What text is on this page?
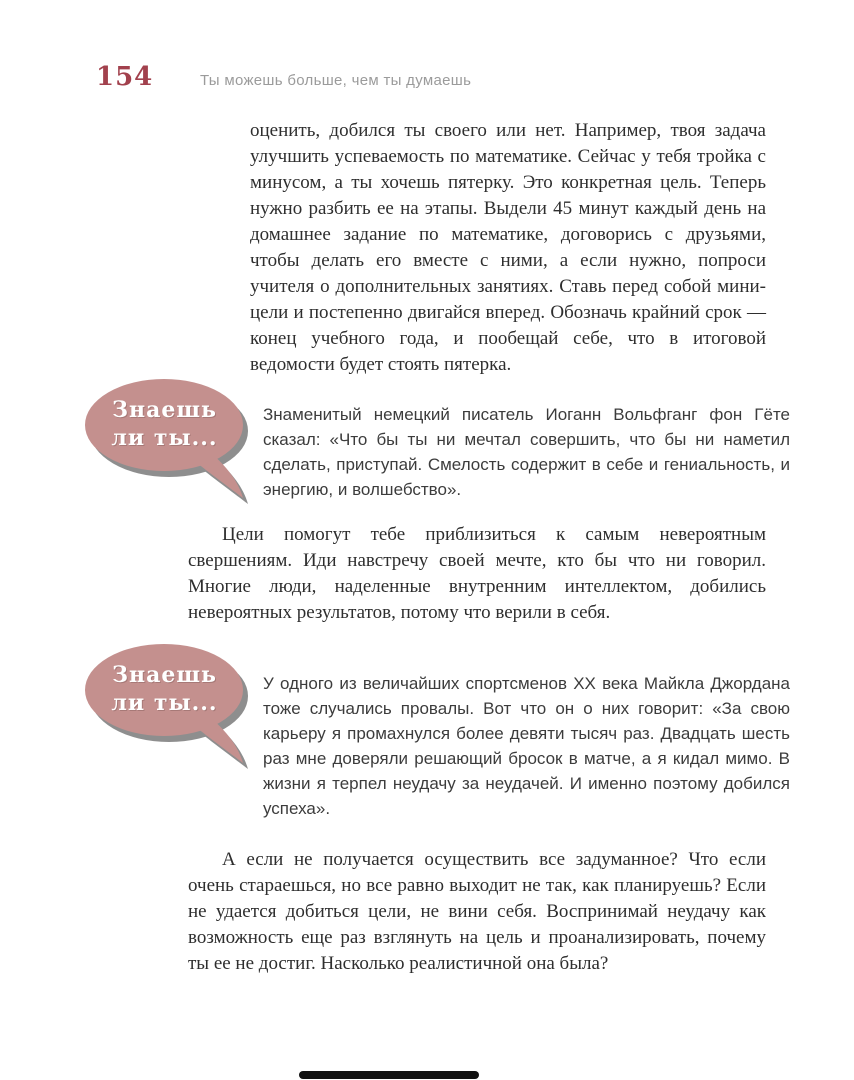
154	Ты можешь больше, чем ты думаешь
оценить, добился ты своего или нет. Например, твоя задача улучшить успеваемость по математике. Сейчас у тебя тройка с минусом, а ты хочешь пятерку. Это конкретная цель. Теперь нужно разбить ее на этапы. Выдели 45 минут каждый день на домашнее задание по математике, договорись с друзьями, чтобы делать его вместе с ними, а если нужно, попроси учителя о дополнительных занятиях. Ставь перед собой мини-цели и постепенно двигайся вперед. Обозначь крайний срок — конец учебного года, и пообещай себе, что в итоговой ведомости будет стоять пятерка.
Знаешь ли ты...
Знаменитый немецкий писатель Иоганн Вольфганг фон Гёте сказал: «Что бы ты ни мечтал совершить, что бы ни наметил сделать, приступай. Смелость содержит в себе и гениальность, и энергию, и волшебство».
Цели помогут тебе приблизиться к самым невероятным свершениям. Иди навстречу своей мечте, кто бы что ни говорил. Многие люди, наделенные внутренним интеллектом, добились невероятных результатов, потому что верили в себя.
Знаешь ли ты...
У одного из величайших спортсменов XX века Майкла Джордана тоже случались провалы. Вот что он о них говорит: «За свою карьеру я промахнулся более девяти тысяч раз. Двадцать шесть раз мне доверяли решающий бросок в матче, а я кидал мимо. В жизни я терпел неудачу за неудачей. И именно поэтому добился успеха».
А если не получается осуществить все задуманное? Что если очень стараешься, но все равно выходит не так, как планируешь? Если не удается добиться цели, не вини себя. Воспринимай неудачу как возможность еще раз взглянуть на цель и проанализировать, почему ты ее не достиг. Насколько реалистичной она была?
